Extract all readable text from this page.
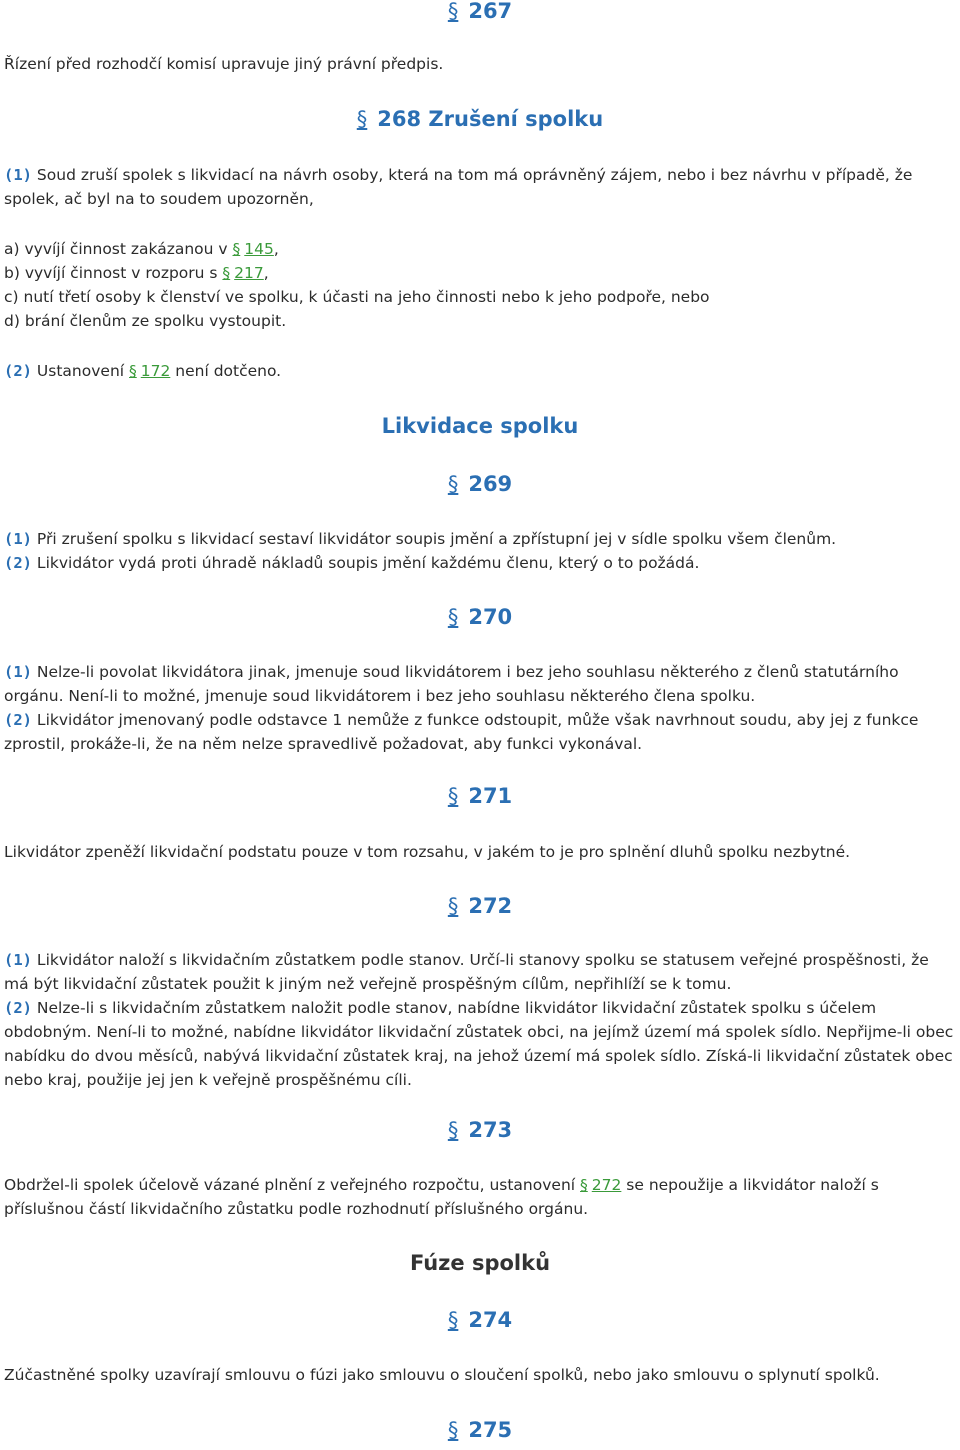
§ 267

Řízení před rozhodčí komisí upravuje jiný právní předpis.

§ 268 Zrušení spolku

(1) Soud zruší spolek s likvidací na návrh osoby, která na tom má oprávněný zájem, nebo i bez návrhu v případě, že spolek, ač byl na to soudem upozorněn,

a) vyvíjí činnost zakázanou v § 145,
b) vyvíjí činnost v rozporu s § 217,
c) nutí třetí osoby k členství ve spolku, k účasti na jeho činnosti nebo k jeho podpoře, nebo
d) brání členům ze spolku vystoupit.

(2) Ustanovení § 172 není dotčeno.

Likvidace spolku
§ 269
(1) Při zrušení spolku s likvidací sestaví likvidátor soupis jmění a zpřístupní jej v sídle spolku všem členům.
(2) Likvidátor vydá proti úhradě nákladů soupis jmění každému členu, který o to požádá.
§ 270
(1) Nelze-li povolat likvidátora jinak, jmenuje soud likvidátorem i bez jeho souhlasu některého z členů statutárního orgánu. Není-li to možné, jmenuje soud likvidátorem i bez jeho souhlasu některého člena spolku.
(2) Likvidátor jmenovaný podle odstavce 1 nemůže z funkce odstoupit, může však navrhnout soudu, aby jej z funkce zprostil, prokáže-li, že na něm nelze spravedlivě požadovat, aby funkci vykonával.
§ 271

Likvidátor zpeněží likvidační podstatu pouze v tom rozsahu, v jakém to je pro splnění dluhů spolku nezbytné.

§ 272
(1) Likvidátor naloží s likvidačním zůstatkem podle stanov. Určí-li stanovy spolku se statusem veřejné prospěšnosti, že má být likvidační zůstatek použit k jiným než veřejně prospěšným cílům, nepřihlíží se k tomu.
(2) Nelze-li s likvidačním zůstatkem naložit podle stanov, nabídne likvidátor likvidační zůstatek spolku s účelem obdobným. Není-li to možné, nabídne likvidátor likvidační zůstatek obci, na jejímž území má spolek sídlo. Nepřijme-li obec nabídku do dvou měsíců, nabývá likvidační zůstatek kraj, na jehož území má spolek sídlo. Získá-li likvidační zůstatek obec nebo kraj, použije jej jen k veřejně prospěšnému cíli.
§ 273

Obdržel-li spolek účelově vázané plnění z veřejného rozpočtu, ustanovení § 272 se nepoužije a likvidátor naloží s příslušnou částí likvidačního zůstatku podle rozhodnutí příslušného orgánu.

Fúze spolků
§ 274

Zúčastněné spolky uzavírají smlouvu o fúzi jako smlouvu o sloučení spolků, nebo jako smlouvu o splynutí spolků.

§ 275
